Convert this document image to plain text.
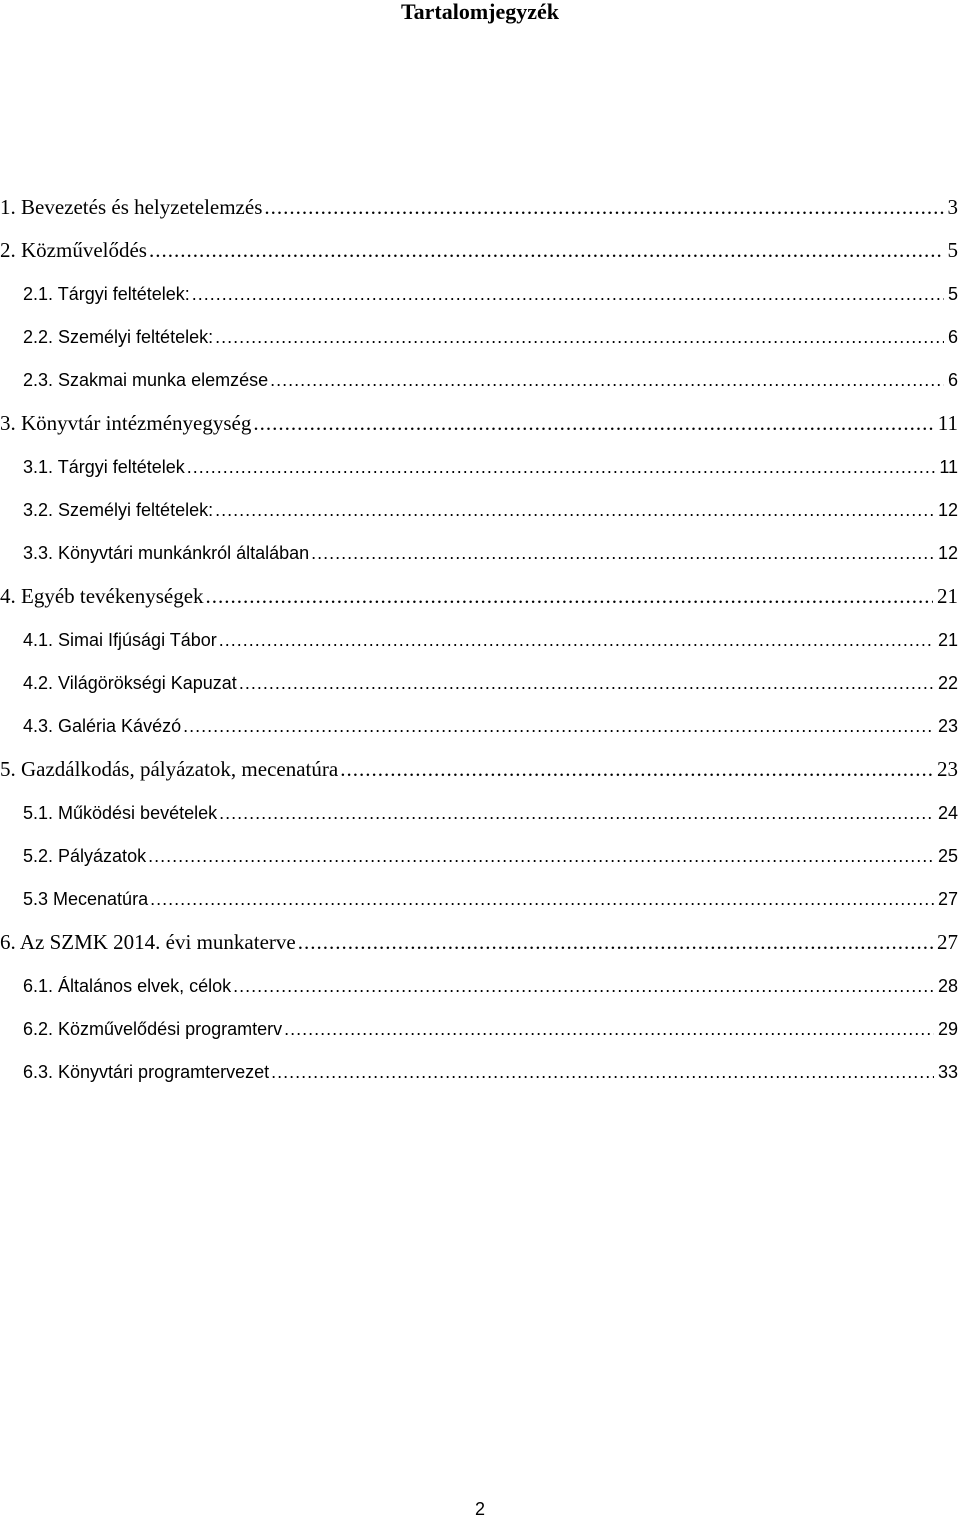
Tartalomjegyzék
1. Bevezetés és helyzetelemzés .....	3
2. Közművelődés .....	5
2.1. Tárgyi feltételek: .....	5
2.2. Személyi feltételek: .....	6
2.3. Szakmai munka elemzése .....	6
3. Könyvtár intézményegység .....	11
3.1. Tárgyi feltételek .....	11
3.2. Személyi feltételek: .....	12
3.3. Könyvtári munkánkról általában .....	12
4. Egyéb tevékenységek .....	21
4.1. Simai Ifjúsági Tábor .....	21
4.2. Világörökségi Kapuzat .....	22
4.3. Galéria Kávézó .....	23
5. Gazdálkodás, pályázatok, mecenatúra .....	23
5.1. Működési bevételek .....	24
5.2. Pályázatok .....	25
5.3 Mecenatúra .....	27
6. Az SZMK 2014. évi munkaterve .....	27
6.1. Általános elvek, célok .....	28
6.2. Közművelődési programterv .....	29
6.3. Könyvtári programtervezet .....	33
2
